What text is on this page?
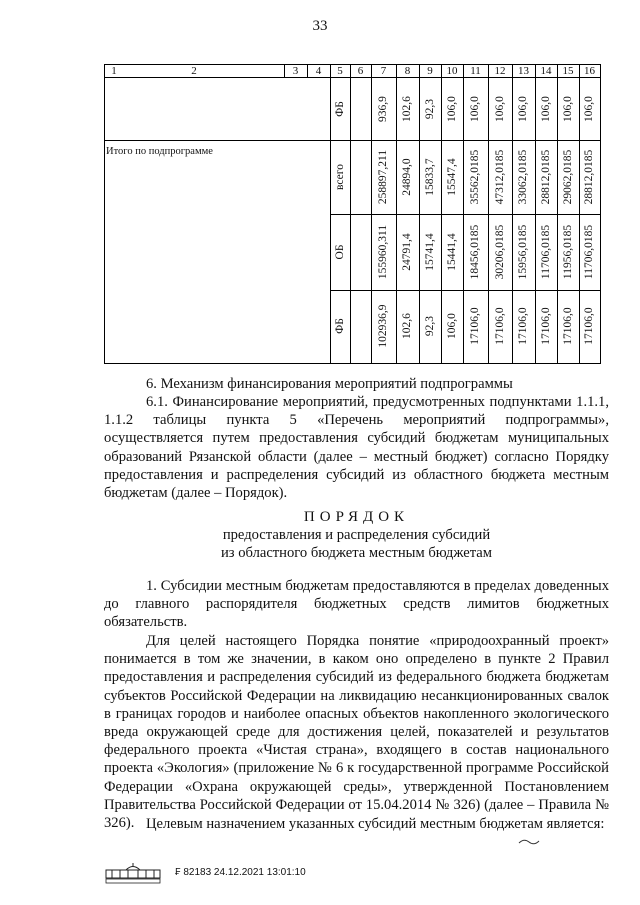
33
1	2	3	4	5	6	7	8	9	10	11	12	13	14	15 16
Итого по подпрограмме
ФБ	936,9 102,6 92,3 106,0 106,0 106,0 106,0 106,0 106,0 106,0
всего	258897,211 24894,0 15833,7 15547,4 35562,0185 47312,0185 33062,0185 28812,0185 29062,0185 28812,0185
ОБ	155960,311 24791,4 15741,4 15441,4 18456,0185 30206,0185 15956,0185 11706,0185 11956,0185 11706,0185
ФБ	102936,9 102,6 92,3 106,0 17106,0 17106,0 17106,0 17106,0 17106,0 17106,0
6. Механизм финансирования мероприятий подпрограммы
6.1. Финансирование мероприятий, предусмотренных подпунктами 1.1.1, 1.1.2 таблицы пункта 5 «Перечень мероприятий подпрограммы», осуществляется путем предоставления субсидий бюджетам муниципальных образований Рязанской области (далее – местный бюджет) согласно Порядку предоставления и распределения субсидий из областного бюджета местным бюджетам (далее – Порядок).
ПОРЯДОК
предоставления и распределения субсидий
из областного бюджета местным бюджетам
1. Субсидии местным бюджетам предоставляются в пределах доведенных до главного распорядителя бюджетных средств лимитов бюджетных обязательств.
Для целей настоящего Порядка понятие «природоохранный проект» понимается в том же значении, в каком оно определено в пункте 2 Правил предоставления и распределения субсидий из федерального бюджета бюджетам субъектов Российской Федерации на ликвидацию несанкционированных свалок в границах городов и наиболее опасных объектов накопленного экологического вреда окружающей среде для достижения целей, показателей и результатов федерального проекта «Чистая страна», входящего в состав национального проекта «Экология» (приложение № 6 к государственной программе Российской Федерации «Охрана окружающей среды», утвержденной Постановлением Правительства Российской Федерации от 15.04.2014 № 326) (далее – Правила № 326). Целевым назначением указанных субсидий местным бюджетам является:
₣ 82183 24.12.2021 13:01:10
